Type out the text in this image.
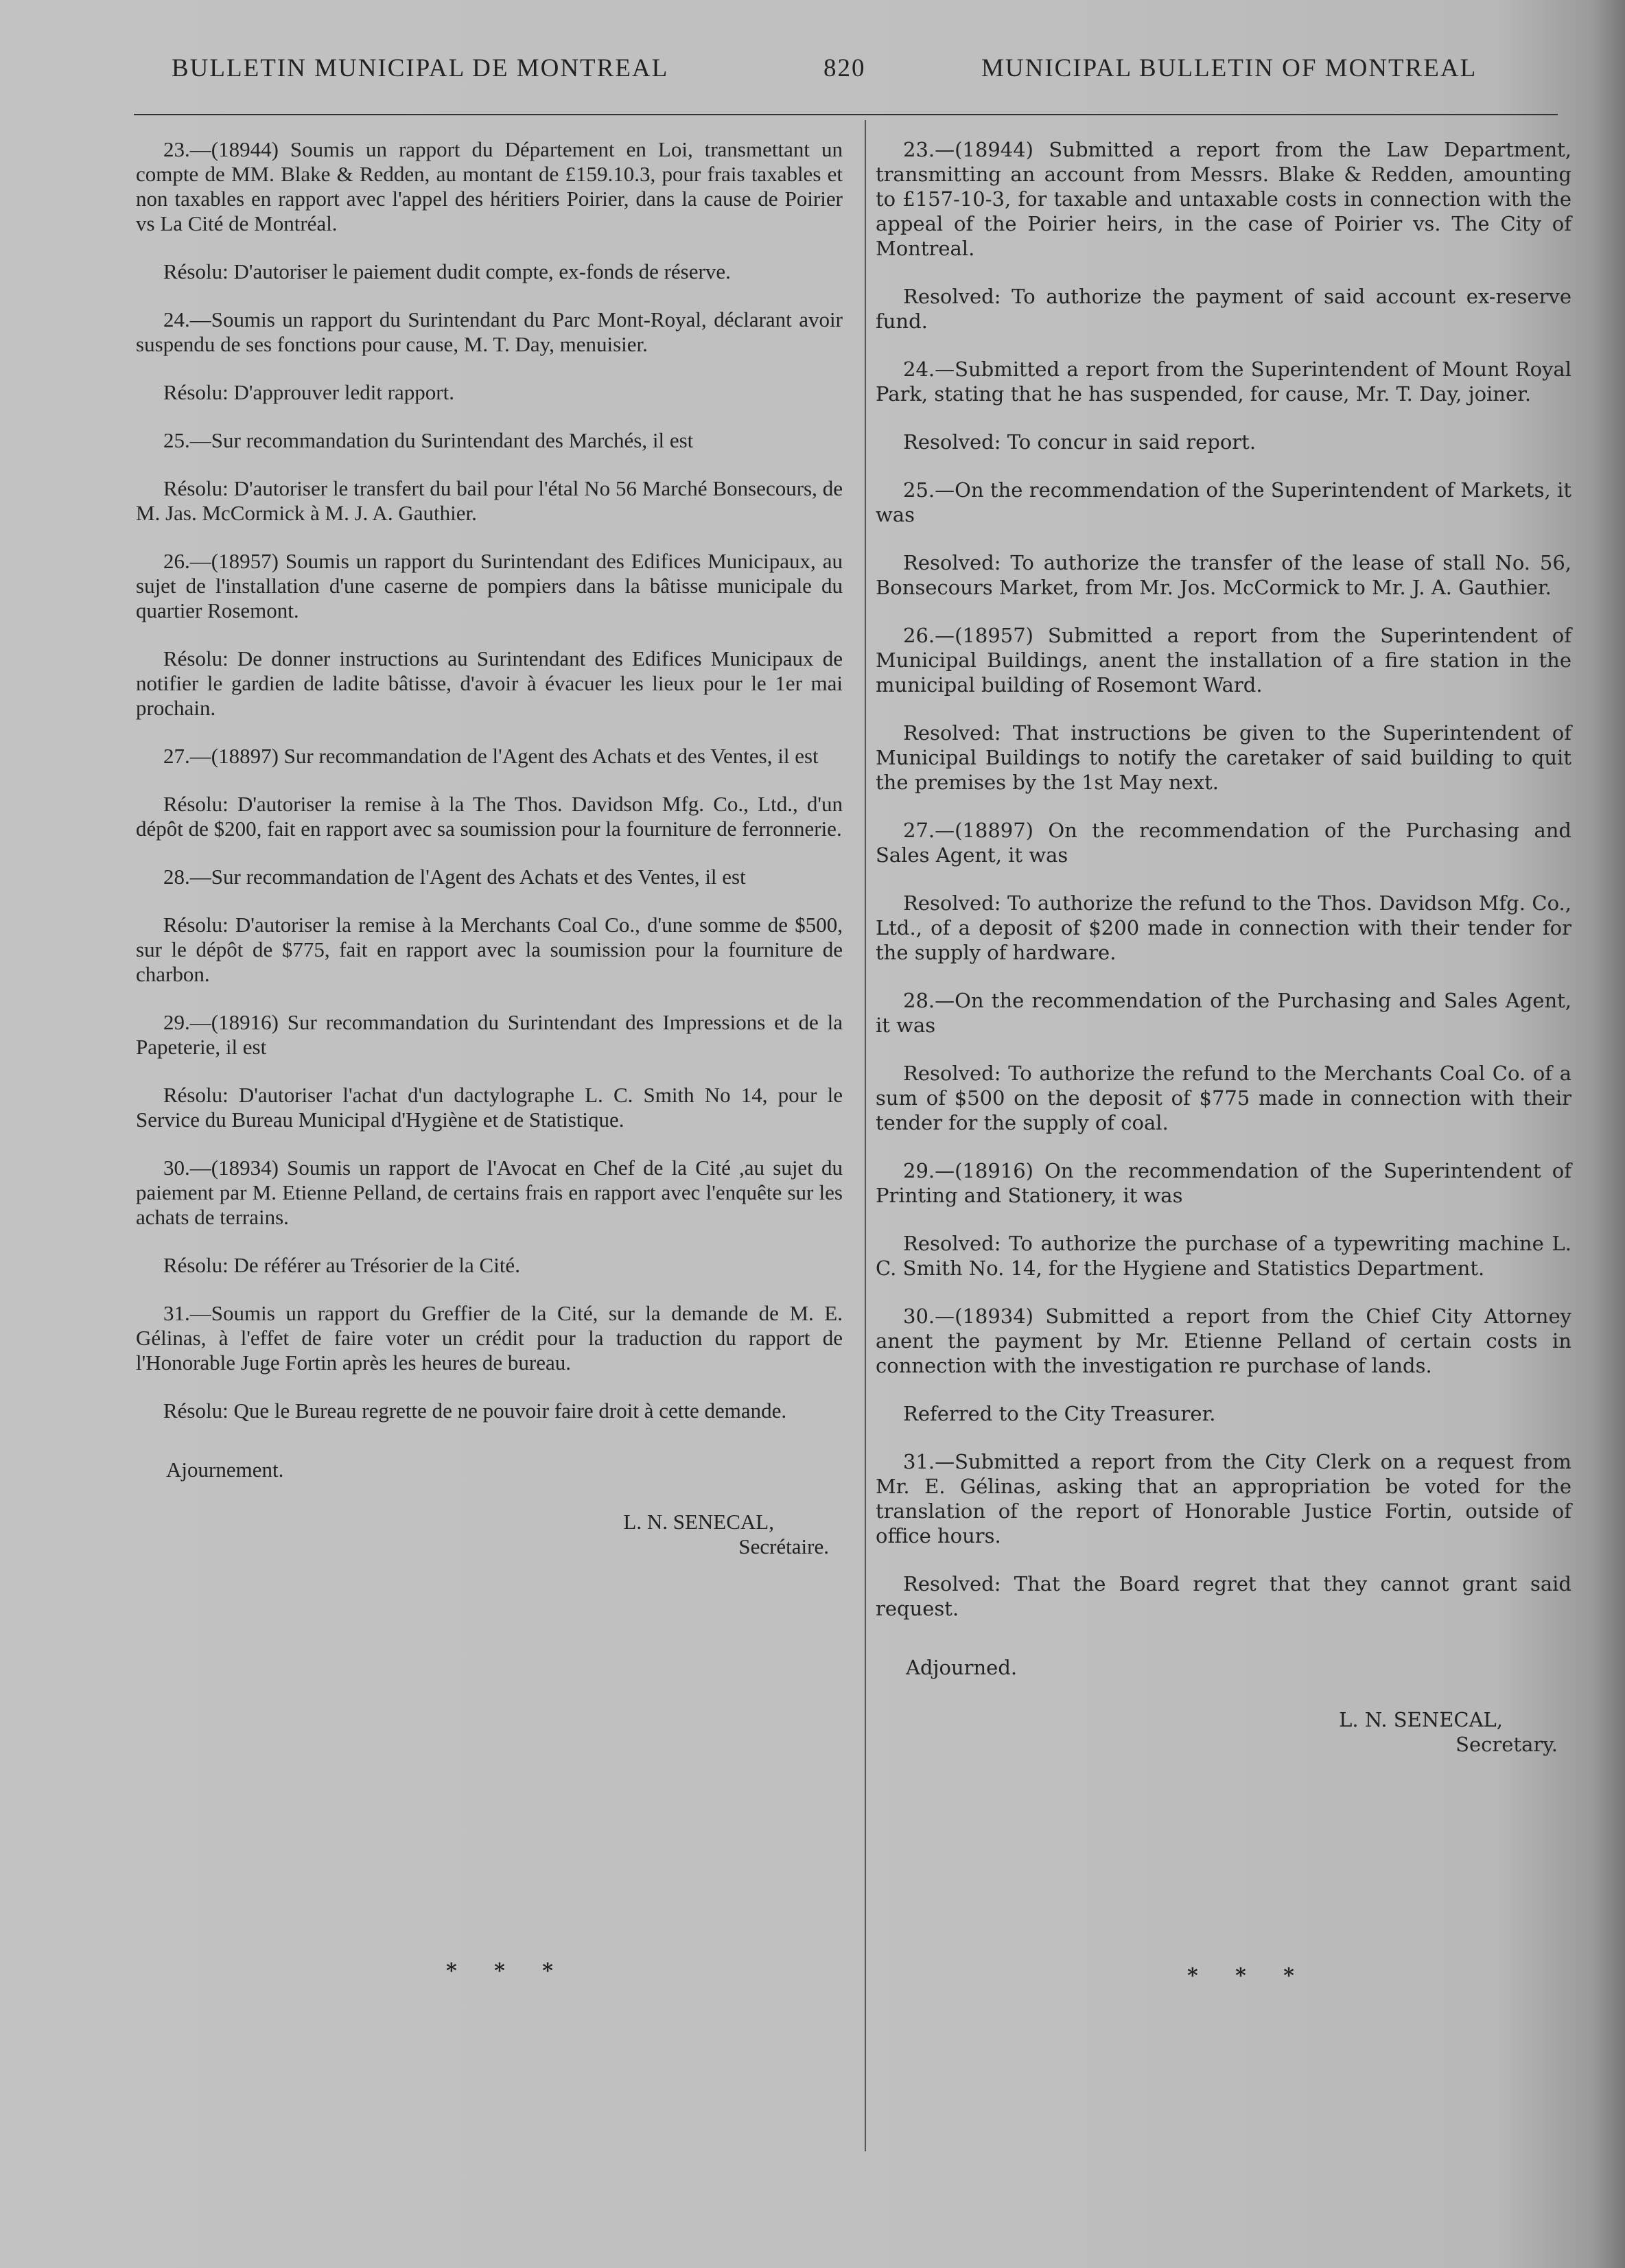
BULLETIN MUNICIPAL DE MONTREAL	820	MUNICIPAL BULLETIN OF MONTREAL

23.—(18944) Soumis un rapport du Département en Loi, transmettant un compte de MM. Blake & Redden, au montant de £159.10.3, pour frais taxables et non taxables en rapport avec l'appel des héritiers Poirier, dans la cause de Poirier vs La Cité de Montréal.

Résolu: D'autoriser le paiement dudit compte, ex-fonds de réserve.

24.—Soumis un rapport du Surintendant du Parc Mont-Royal, déclarant avoir suspendu de ses fonctions pour cause, M. T. Day, menuisier.

Résolu: D'approuver ledit rapport.

25.—Sur recommandation du Surintendant des Marchés, il est

Résolu: D'autoriser le transfert du bail pour l'étal No 56 Marché Bonsecours, de M. Jas. McCormick à M. J. A. Gauthier.

26.—(18957) Soumis un rapport du Surintendant des Edifices Municipaux, au sujet de l'installation d'une caserne de pompiers dans la bâtisse municipale du quartier Rosemont.

Résolu: De donner instructions au Surintendant des Edifices Municipaux de notifier le gardien de ladite bâtisse, d'avoir à évacuer les lieux pour le 1er mai prochain.

27.—(18897) Sur recommandation de l'Agent des Achats et des Ventes, il est

Résolu: D'autoriser la remise à la The Thos. Davidson Mfg. Co., Ltd., d'un dépôt de $200, fait en rapport avec sa soumission pour la fourniture de ferronnerie.

28.—Sur recommandation de l'Agent des Achats et des Ventes, il est

Résolu: D'autoriser la remise à la Merchants Coal Co., d'une somme de $500, sur le dépôt de $775, fait en rapport avec la soumission pour la fourniture de charbon.

29.—(18916) Sur recommandation du Surintendant des Impressions et de la Papeterie, il est

Résolu: D'autoriser l'achat d'un dactylographe L. C. Smith No 14, pour le Service du Bureau Municipal d'Hygiène et de Statistique.

30.—(18934) Soumis un rapport de l'Avocat en Chef de la Cité ,au sujet du paiement par M. Etienne Pelland, de certains frais en rapport avec l'enquête sur les achats de terrains.

Résolu: De référer au Trésorier de la Cité.

31.—Soumis un rapport du Greffier de la Cité, sur la demande de M. E. Gélinas, à l'effet de faire voter un crédit pour la traduction du rapport de l'Honorable Juge Fortin après les heures de bureau.

Résolu: Que le Bureau regrette de ne pouvoir faire droit à cette demande.

Ajournement.
L. N. SENECAL,
Secrétaire.

23.—(18944) Submitted a report from the Law Department, transmitting an account from Messrs. Blake & Redden, amounting to £157-10-3, for taxable and untaxable costs in connection with the appeal of the Poirier heirs, in the case of Poirier vs. The City of Montreal.

Resolved: To authorize the payment of said account ex-reserve fund.

24.—Submitted a report from the Superintendent of Mount Royal Park, stating that he has suspended, for cause, Mr. T. Day, joiner.

Resolved: To concur in said report.

25.—On the recommendation of the Superintendent of Markets, it was

Resolved: To authorize the transfer of the lease of stall No. 56, Bonsecours Market, from Mr. Jos. McCormick to Mr. J. A. Gauthier.

26.—(18957) Submitted a report from the Superintendent of Municipal Buildings, anent the installation of a fire station in the municipal building of Rosemont Ward.

Resolved: That instructions be given to the Superintendent of Municipal Buildings to notify the caretaker of said building to quit the premises by the 1st May next.

27.—(18897) On the recommendation of the Purchasing and Sales Agent, it was

Resolved: To authorize the refund to the Thos. Davidson Mfg. Co., Ltd., of a deposit of $200 made in connection with their tender for the supply of hardware.

28.—On the recommendation of the Purchasing and Sales Agent, it was

Resolved: To authorize the refund to the Merchants Coal Co. of a sum of $500 on the deposit of $775 made in connection with their tender for the supply of coal.

29.—(18916) On the recommendation of the Superintendent of Printing and Stationery, it was

Resolved: To authorize the purchase of a typewriting machine L. C. Smith No. 14, for the Hygiene and Statistics Department.

30.—(18934) Submitted a report from the Chief City Attorney anent the payment by Mr. Etienne Pelland of certain costs in connection with the investigation re purchase of lands.

Referred to the City Treasurer.

31.—Submitted a report from the City Clerk on a request from Mr. E. Gélinas, asking that an appropriation be voted for the translation of the report of Honorable Justice Fortin, outside of office hours.

Resolved: That the Board regret that they cannot grant said request.

Adjourned.
L. N. SENECAL,
Secretary.
* * *	* * *
